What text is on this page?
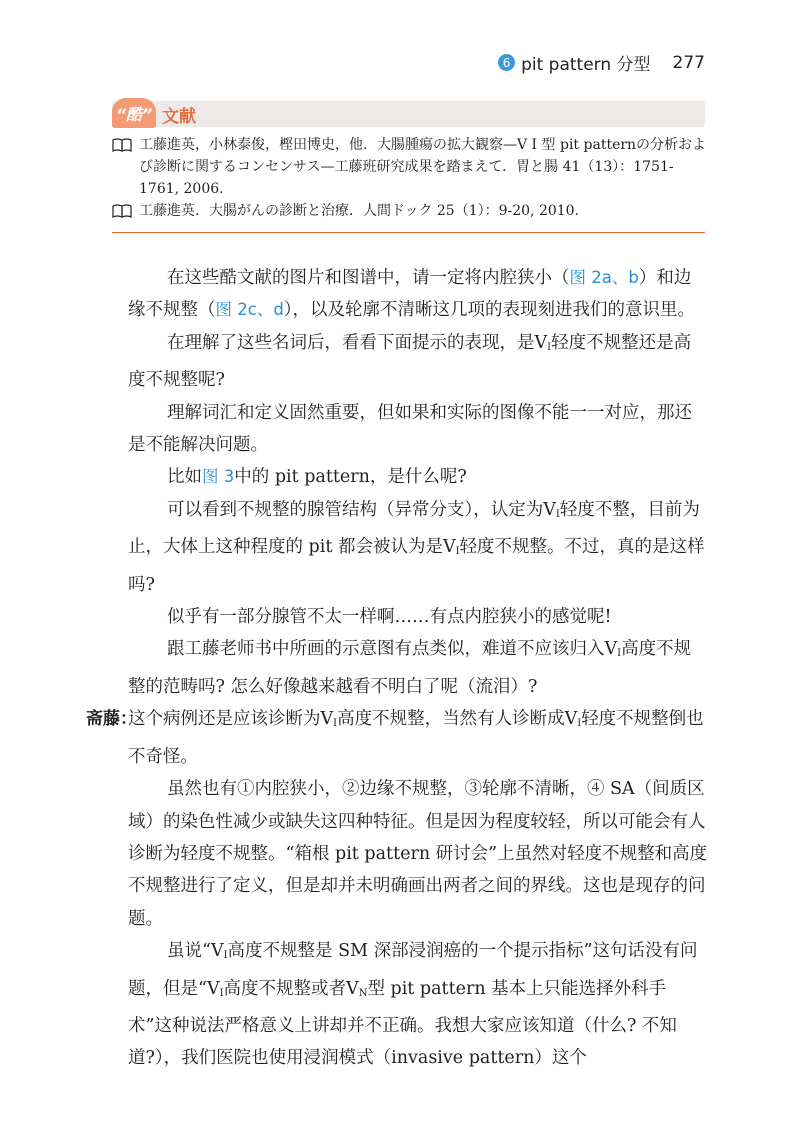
6 pit pattern 分型 277
“酷” 文献
工藤進英，小林泰俊，樫田博史，他．大腸腫瘍の拡大観察—Ⅴ I 型 pit patternの分析および診断に関するコンセンサス—工藤班研究成果を踏まえて．胃と腸 41（13）：1751-1761, 2006.
工藤進英．大腸がんの診断と治療．人間ドック 25（1）：9-20, 2010.

在这些酷文献的图片和图谱中，请一定将内腔狭小（图 2a、b）和边缘不规整（图 2c、d），以及轮廓不清晰这几项的表现刻进我们的意识里。

在理解了这些名词后，看看下面提示的表现，是$V_I$轻度不规整还是高度不规整呢?

理解词汇和定义固然重要，但如果和实际的图像不能一一对应，那还是不能解决问题。

比如图 3中的 pit pattern，是什么呢?

可以看到不规整的腺管结构（异常分支），认定为$V_I$轻度不整，目前为止，大体上这种程度的 pit 都会被认为是$V_I$轻度不规整。不过，真的是这样吗?

似乎有一部分腺管不太一样啊……有点内腔狭小的感觉呢!

跟工藤老师书中所画的示意图有点类似，难道不应该归入$V_I$高度不规整的范畴吗? 怎么好像越来越看不明白了呢（流泪）?

斋藤：
这个病例还是应该诊断为$V_I$高度不规整，当然有人诊断成$V_I$轻度不规整倒也不奇怪。

虽然也有①内腔狭小，②边缘不规整，③轮廓不清晰，④ SA（间质区域）的染色性减少或缺失这四种特征。但是因为程度较轻，所以可能会有人诊断为轻度不规整。“箱根 pit pattern 研讨会”上虽然对轻度不规整和高度不规整进行了定义，但是却并未明确画出两者之间的界线。这也是现存的问题。

虽说“$V_I$高度不规整是 SM 深部浸润癌的一个提示指标”这句话没有问题，但是“$V_I$高度不规整或者$V_N$型 pit pattern 基本上只能选择外科手术”这种说法严格意义上讲却并不正确。我想大家应该知道（什么? 不知道?），我们医院也使用浸润模式（invasive pattern）这个
